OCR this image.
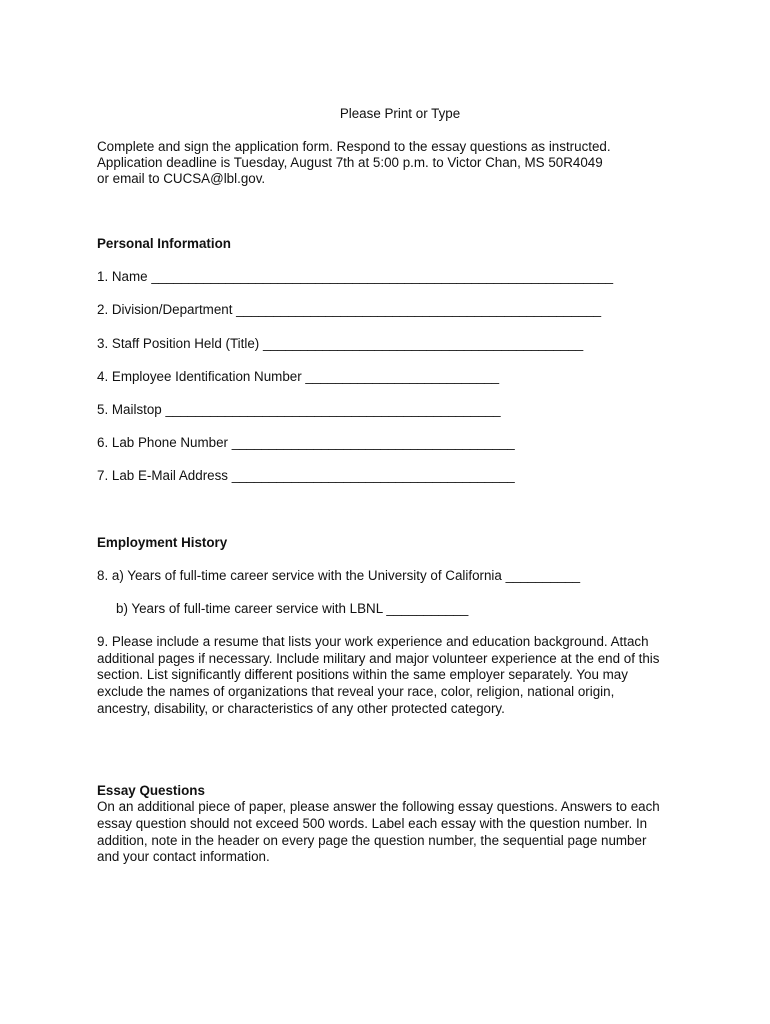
Please Print or Type
Complete and sign the application form. Respond to the essay questions as instructed.
Application deadline is Tuesday, August 7th at 5:00 p.m. to Victor Chan, MS 50R4049
or email to CUCSA@lbl.gov.
Personal Information
1. Name ______________________________________________________________
2. Division/Department _________________________________________________
3. Staff Position Held (Title) ___________________________________________
4. Employee Identification Number __________________________
5. Mailstop _____________________________________________
6. Lab Phone Number ______________________________________
7. Lab E-Mail Address ______________________________________
Employment History
8. a) Years of full-time career service with the University of California __________
b) Years of full-time career service with LBNL ___________
9. Please include a resume that lists your work experience and education background. Attach
additional pages if necessary. Include military and major volunteer experience at the end of this
section. List significantly different positions within the same employer separately. You may
exclude the names of organizations that reveal your race, color, religion, national origin,
ancestry, disability, or characteristics of any other protected category.
Essay Questions
On an additional piece of paper, please answer the following essay questions. Answers to each
essay question should not exceed 500 words. Label each essay with the question number. In
addition, note in the header on every page the question number, the sequential page number
and your contact information.
